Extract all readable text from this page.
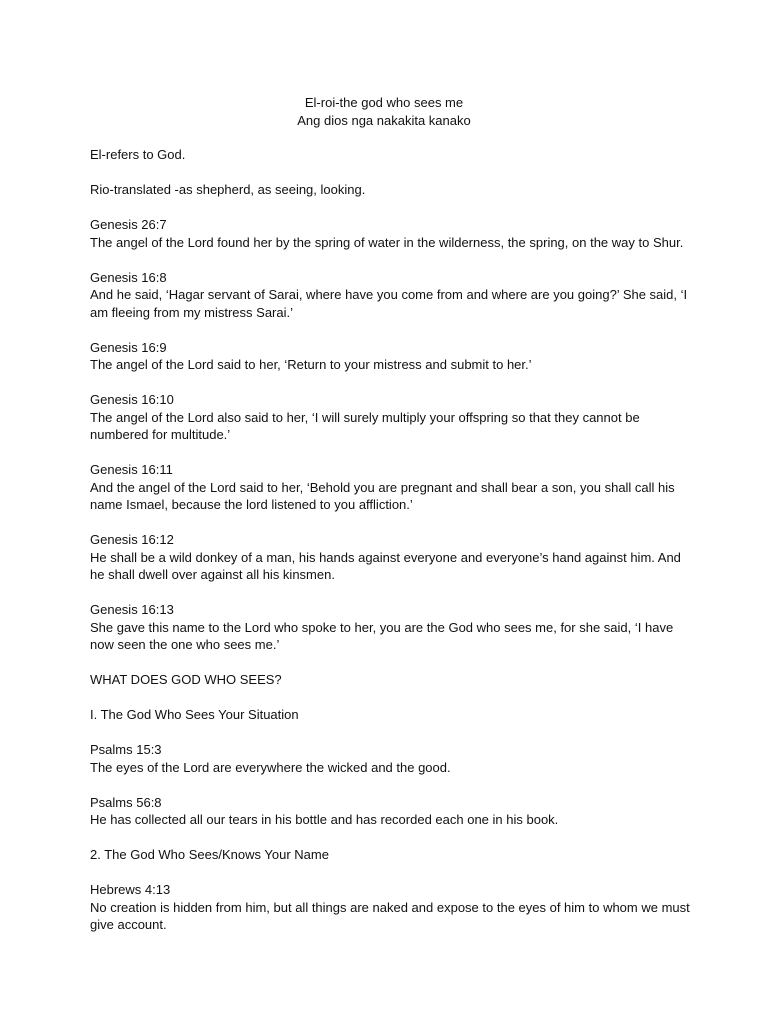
El-roi-the god who sees me
Ang dios nga nakakita kanako
El-refers to God.
Rio-translated -as shepherd, as seeing, looking.

Genesis 26:7

The angel of the Lord found her by the spring of water in the wilderness, the spring, on the way to Shur.

Genesis 16:8

And he said, ‘Hagar servant of Sarai, where have you come from and where are you going?’ She said, ‘I am fleeing from my mistress Sarai.’

Genesis 16:9

The angel of the Lord said to her, ‘Return to your mistress and submit to her.’

Genesis 16:10

The angel of the Lord also said to her, ‘I will surely multiply your offspring so that they cannot be numbered for multitude.’

Genesis 16:11

And the angel of the Lord said to her, ‘Behold you are pregnant and shall bear a son, you shall call his name Ismael, because the lord listened to you affliction.’

Genesis 16:12

He shall be a wild donkey of a man, his hands against everyone and everyone’s hand against him. And he shall dwell over against all his kinsmen.

Genesis 16:13

She gave this name to the Lord who spoke to her, you are the God who sees me, for she said, ‘I have now seen the one who sees me.’

WHAT DOES GOD WHO SEES?
I. The God Who Sees Your Situation

Psalms 15:3

The eyes of the Lord are everywhere the wicked and the good.

Psalms 56:8

He has collected all our tears in his bottle and has recorded each one in his book.

2. The God Who Sees/Knows Your Name

Hebrews 4:13

No creation is hidden from him, but all things are naked and expose to the eyes of him to whom we must give account.
